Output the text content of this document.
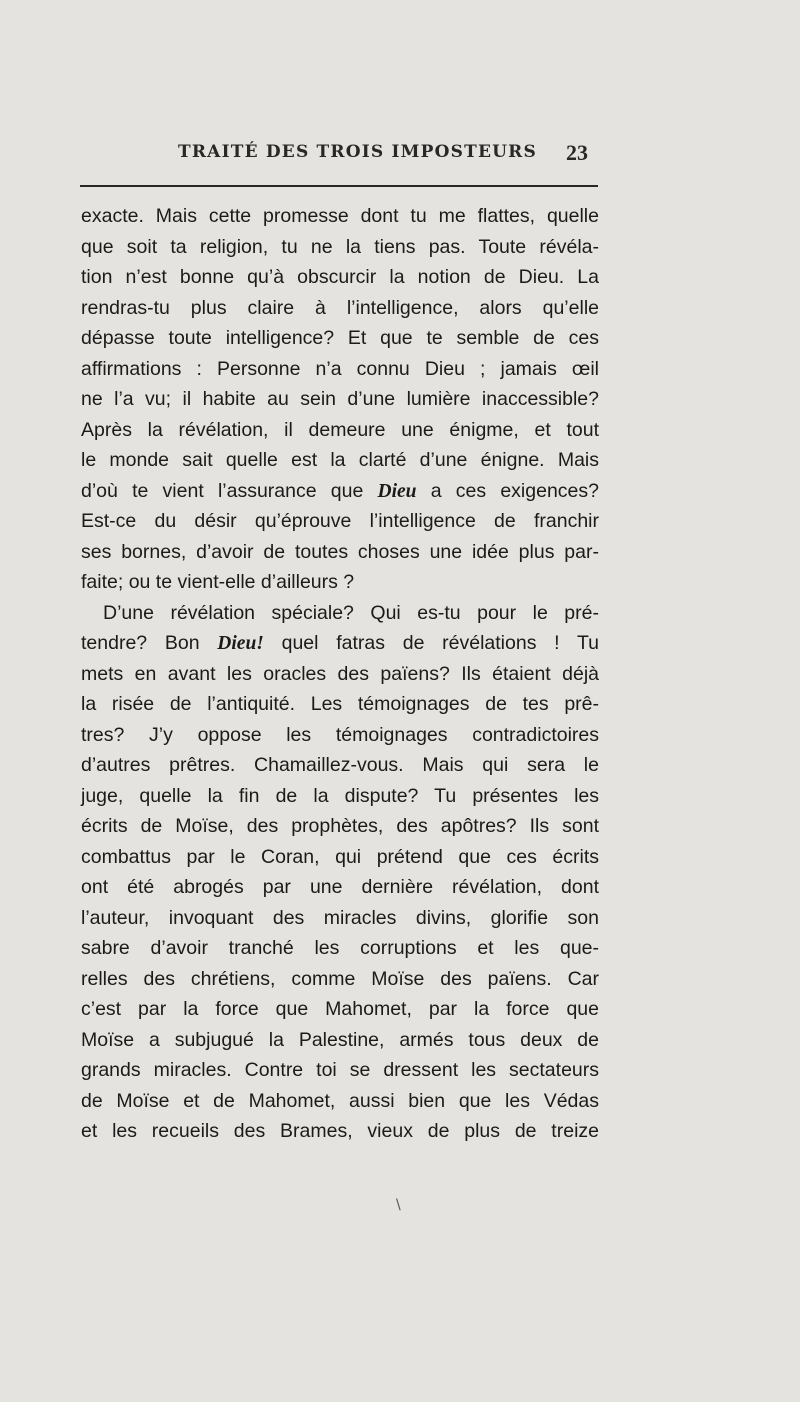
TRAITÉ DES TROIS IMPOSTEURS 23
exacte. Mais cette promesse dont tu me flattes, quelle
que soit ta religion, tu ne la tiens pas. Toute révéla-
tion n’est bonne qu’à obscurcir la notion de Dieu. La
rendras-tu plus claire à l’intelligence, alors qu’elle
dépasse toute intelligence? Et que te semble de ces
affirmations : Personne n’a connu Dieu ; jamais œil
ne l’a vu; il habite au sein d’une lumière inaccessible?
Après la révélation, il demeure une énigme, et tout
le monde sait quelle est la clarté d’une énigne. Mais
d’où te vient l’assurance que Dieu a ces exigences?
Est-ce du désir qu’éprouve l’intelligence de franchir
ses bornes, d’avoir de toutes choses une idée plus par-
faite; ou te vient-elle d’ailleurs ?
D’une révélation spéciale? Qui es-tu pour le pré-
tendre? Bon Dieu! quel fatras de révélations ! Tu
mets en avant les oracles des païens? Ils étaient déjà
la risée de l’antiquité. Les témoignages de tes prê-
tres? J’y oppose les témoignages contradictoires
d’autres prêtres. Chamaillez-vous. Mais qui sera le
juge, quelle la fin de la dispute? Tu présentes les
écrits de Moïse, des prophètes, des apôtres? Ils sont
combattus par le Coran, qui prétend que ces écrits
ont été abrogés par une dernière révélation, dont
l’auteur, invoquant des miracles divins, glorifie son
sabre d’avoir tranché les corruptions et les que-
relles des chrétiens, comme Moïse des païens. Car
c’est par la force que Mahomet, par la force que
Moïse a subjugué la Palestine, armés tous deux de
grands miracles. Contre toi se dressent les sectateurs
de Moïse et de Mahomet, aussi bien que les Védas
et les recueils des Brames, vieux de plus de treize
\
